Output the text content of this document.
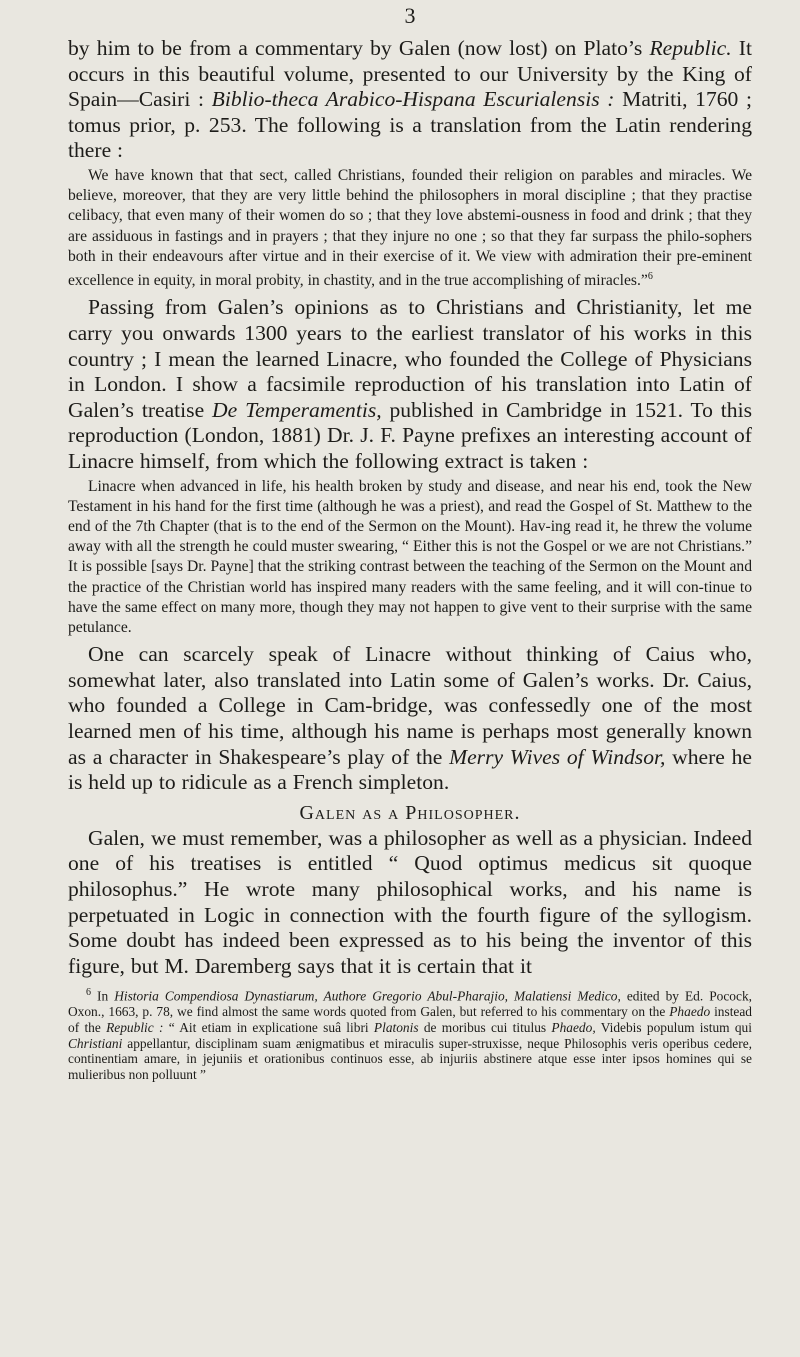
3

by him to be from a commentary by Galen (now lost) on Plato’s Republic. It occurs in this beautiful volume, presented to our University by the King of Spain—Casiri : Biblio-theca Arabico-Hispana Escurialensis : Matriti, 1760 ; tomus prior, p. 253. The following is a translation from the Latin rendering there :

We have known that that sect, called Christians, founded their religion on parables and miracles. We believe, moreover, that they are very little behind the philosophers in moral discipline ; that they practise celibacy, that even many of their women do so ; that they love abstemi-ousness in food and drink ; that they are assiduous in fastings and in prayers ; that they injure no one ; so that they far surpass the philo-sophers both in their endeavours after virtue and in their exercise of it. We view with admiration their pre-eminent excellence in equity, in moral probity, in chastity, and in the true accomplishing of miracles.”$^6$

Passing from Galen’s opinions as to Christians and Christianity, let me carry you onwards 1300 years to the earliest translator of his works in this country ; I mean the learned Linacre, who founded the College of Physicians in London. I show a facsimile reproduction of his translation into Latin of Galen’s treatise De Temperamentis, published in Cambridge in 1521. To this reproduction (London, 1881) Dr. J. F. Payne prefixes an interesting account of Linacre himself, from which the following extract is taken :

Linacre when advanced in life, his health broken by study and disease, and near his end, took the New Testament in his hand for the first time (although he was a priest), and read the Gospel of St. Matthew to the end of the 7th Chapter (that is to the end of the Sermon on the Mount). Hav-ing read it, he threw the volume away with all the strength he could muster swearing, “ Either this is not the Gospel or we are not Christians.” It is possible [says Dr. Payne] that the striking contrast between the teaching of the Sermon on the Mount and the practice of the Christian world has inspired many readers with the same feeling, and it will con-tinue to have the same effect on many more, though they may not happen to give vent to their surprise with the same petulance.

One can scarcely speak of Linacre without thinking of Caius who, somewhat later, also translated into Latin some of Galen’s works. Dr. Caius, who founded a College in Cam-bridge, was confessedly one of the most learned men of his time, although his name is perhaps most generally known as a character in Shakespeare’s play of the Merry Wives of Windsor, where he is held up to ridicule as a French simpleton.

Galen as a Philosopher.

Galen, we must remember, was a philosopher as well as a physician. Indeed one of his treatises is entitled “ Quod optimus medicus sit quoque philosophus.” He wrote many philosophical works, and his name is perpetuated in Logic in connection with the fourth figure of the syllogism. Some doubt has indeed been expressed as to his being the inventor of this figure, but M. Daremberg says that it is certain that it

$^6$ In Historia Compendiosa Dynastiarum, Authore Gregorio Abul-Pharajio, Malatiensi Medico, edited by Ed. Pocock, Oxon., 1663, p. 78, we find almost the same words quoted from Galen, but referred to his commentary on the Phaedo instead of the Republic : “ Ait etiam in explicatione suâ libri Platonis de moribus cui titulus Phaedo, Videbis populum istum qui Christiani appellantur, disciplinam suam ænigmatibus et miraculis super-struxisse, neque Philosophis veris operibus cedere, continentiam amare, in jejuniis et orationibus continuos esse, ab injuriis abstinere atque esse inter ipsos homines qui se mulieribus non polluunt ”
